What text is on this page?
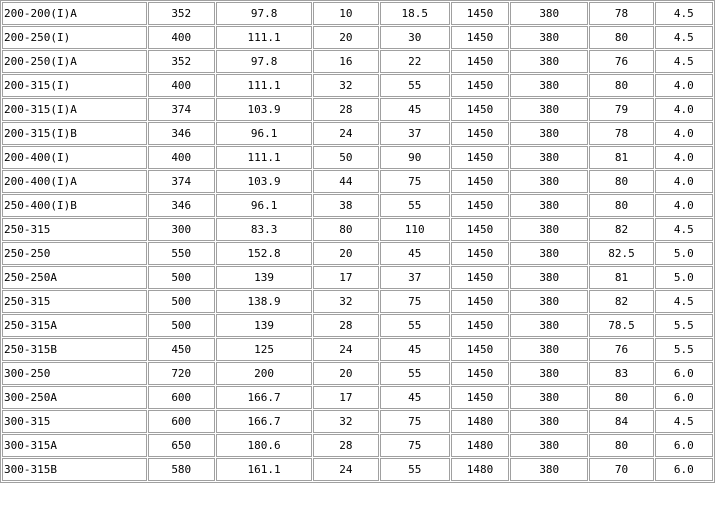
200-200(I)A	352	97.8	10	18.5	1450	380	78	4.5
200-250(I)	400	111.1	20	30	1450	380	80	4.5
200-250(I)A	352	97.8	16	22	1450	380	76	4.5
200-315(I)	400	111.1	32	55	1450	380	80	4.0
200-315(I)A	374	103.9	28	45	1450	380	79	4.0
200-315(I)B	346	96.1	24	37	1450	380	78	4.0
200-400(I)	400	111.1	50	90	1450	380	81	4.0
200-400(I)A	374	103.9	44	75	1450	380	80	4.0
250-400(I)B	346	96.1	38	55	1450	380	80	4.0
250-315	300	83.3	80	110	1450	380	82	4.5
250-250	550	152.8	20	45	1450	380	82.5	5.0
250-250A	500	139	17	37	1450	380	81	5.0
250-315	500	138.9	32	75	1450	380	82	4.5
250-315A	500	139	28	55	1450	380	78.5	5.5
250-315B	450	125	24	45	1450	380	76	5.5
300-250	720	200	20	55	1450	380	83	6.0
300-250A	600	166.7	17	45	1450	380	80	6.0
300-315	600	166.7	32	75	1480	380	84	4.5
300-315A	650	180.6	28	75	1480	380	80	6.0
300-315B	580	161.1	24	55	1480	380	70	6.0
